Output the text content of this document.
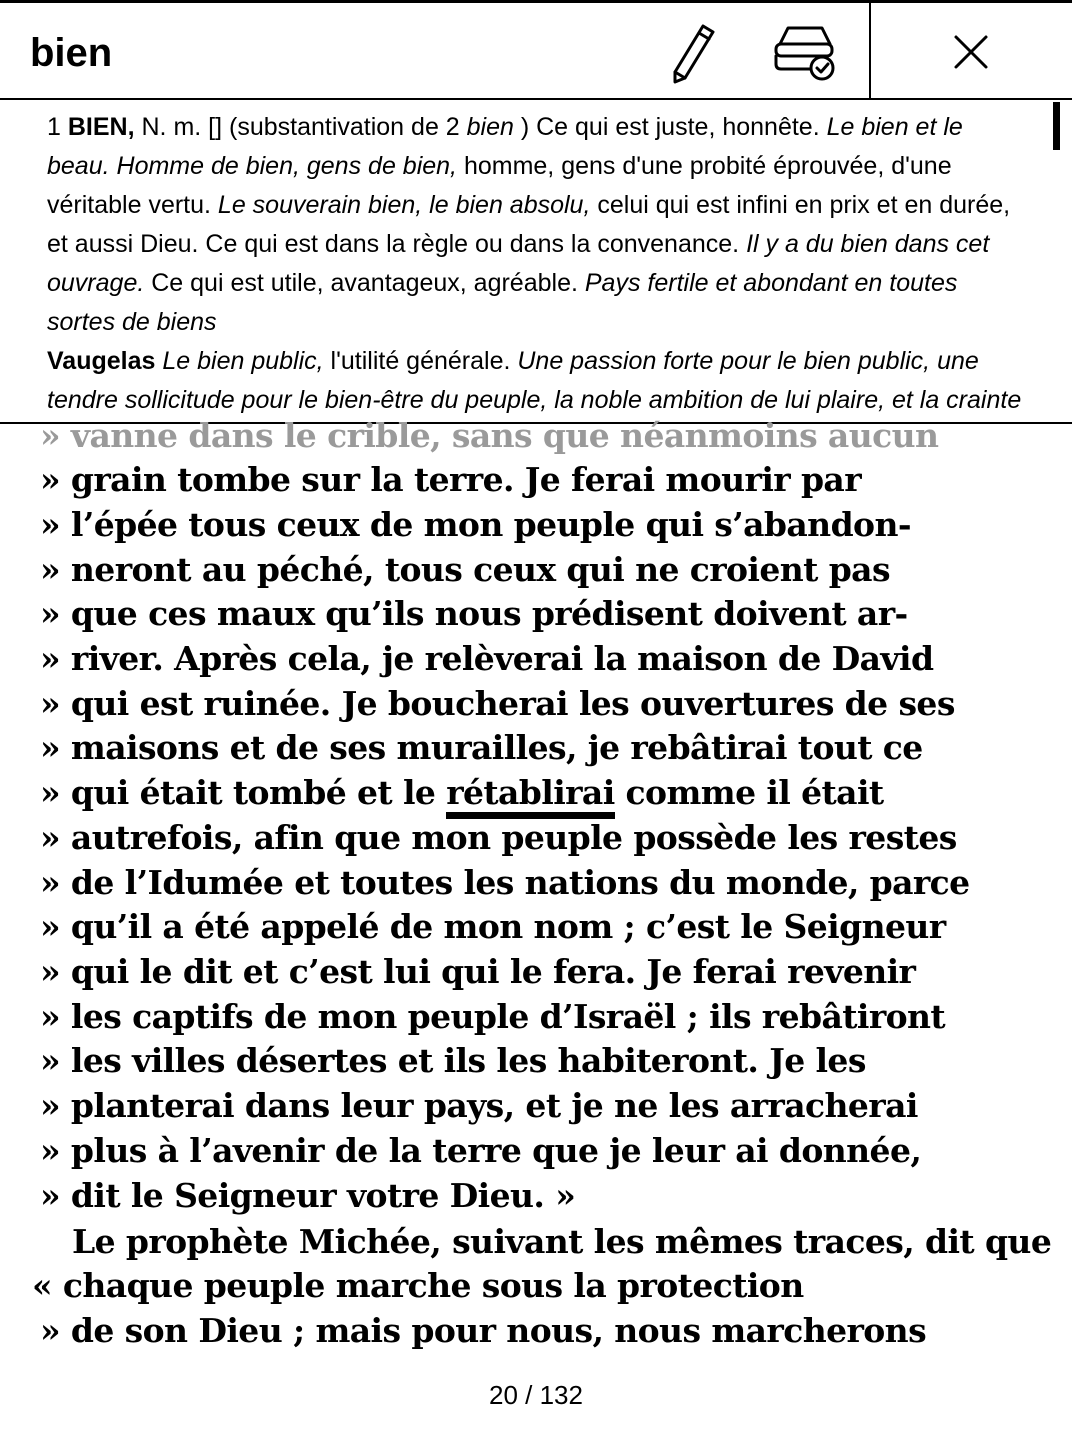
bien
1 BIEN, N. m. [] (substantivation de 2 bien ) Ce qui est juste, honnête. Le bien et le beau. Homme de bien, gens de bien, homme, gens d'une probité éprouvée, d'une véritable vertu. Le souverain bien, le bien absolu, celui qui est infini en prix et en durée, et aussi Dieu. Ce qui est dans la règle ou dans la convenance. Il y a du bien dans cet ouvrage. Ce qui est utile, avantageux, agréable. Pays fertile et abondant en toutes sortes de biens
Vaugelas Le bien public, l'utilité générale. Une passion forte pour le bien public, une tendre sollicitude pour le bien-être du peuple, la noble ambition de lui plaire, et la crainte
» vanne dans le crible, sans que néanmoins aucun
» grain tombe sur la terre. Je ferai mourir par
» l’épée tous ceux de mon peuple qui s’abandon-
» neront au péché, tous ceux qui ne croient pas
» que ces maux qu’ils nous prédisent doivent ar-
» river. Après cela, je relèverai la maison de David
» qui est ruinée. Je boucherai les ouvertures de ses
» maisons et de ses murailles, je rebâtirai tout ce
» qui était tombé et le rétablirai comme il était
» autrefois, afin que mon peuple possède les restes
» de l’Idumée et toutes les nations du monde, parce
» qu’il a été appelé de mon nom ; c’est le Seigneur
» qui le dit et c’est lui qui le fera. Je ferai revenir
» les captifs de mon peuple d’Israël ; ils rebâtiront
» les villes désertes et ils les habiteront. Je les
» planterai dans leur pays, et je ne les arracherai
» plus à l’avenir de la terre que je leur ai donnée,
» dit le Seigneur votre Dieu. »
Le prophète Michée, suivant les mêmes traces, dit que
« chaque peuple marche sous la protection
» de son Dieu ; mais pour nous, nous marcherons
20 / 132
